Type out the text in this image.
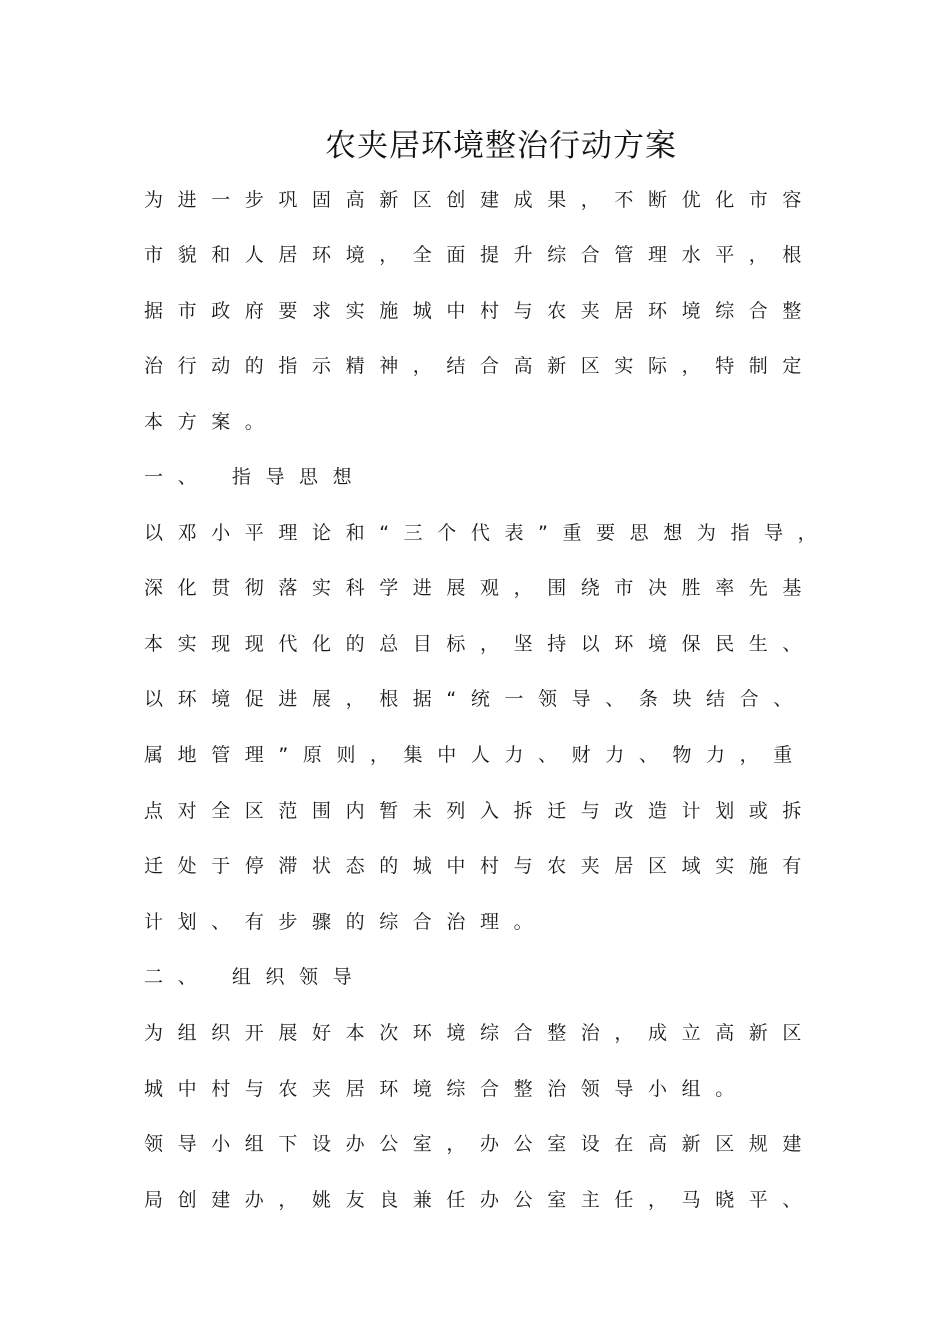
农夹居环境整治行动方案
为进一步巩固高新区创建成果，不断优化市容
市貌和人居环境，全面提升综合管理水平，根
据市政府要求实施城中村与农夹居环境综合整
治行动的指示精神，结合高新区实际，特制定
本方案。
一、 指导思想
以邓小平理论和“三个代表”重要思想为指导，
深化贯彻落实科学进展观，围绕市决胜率先基
本实现现代化的总目标，坚持以环境保民生、
以环境促进展，根据“统一领导、条块结合、
属地管理”原则，集中人力、财力、物力，重
点对全区范围内暂未列入拆迁与改造计划或拆
迁处于停滞状态的城中村与农夹居区域实施有
计划、有步骤的综合治理。
二、 组织领导
为组织开展好本次环境综合整治，成立高新区
城中村与农夹居环境综合整治领导小组。
领导小组下设办公室，办公室设在高新区规建
局创建办，姚友良兼任办公室主任，马晓平、
